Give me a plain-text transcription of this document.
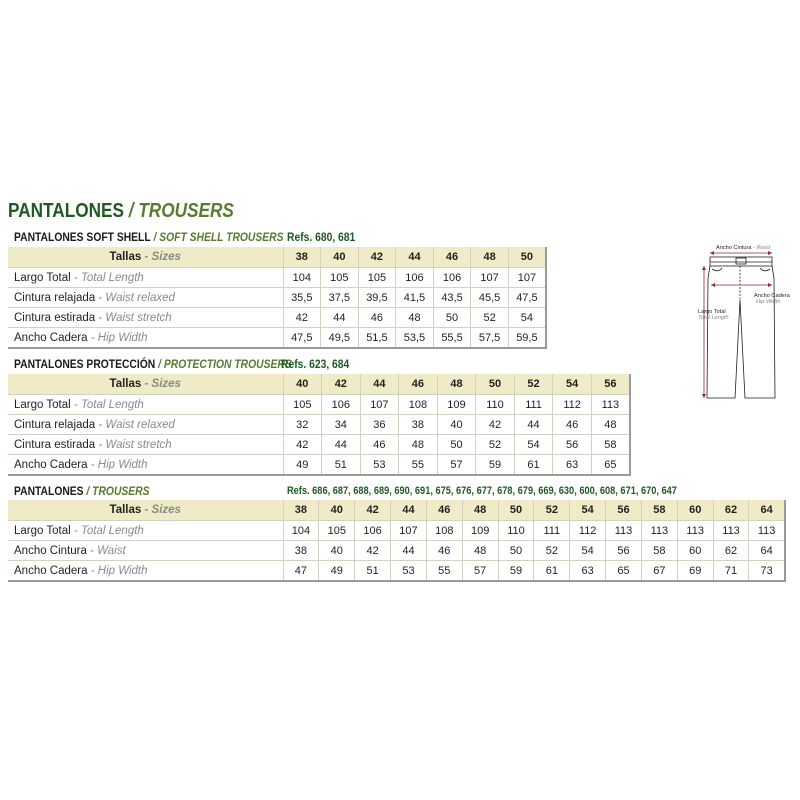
PANTALONES / TROUSERS
PANTALONES SOFT SHELL / SOFT SHELL TROUSERS Refs. 680, 681
Tallas - Sizes	38	40	42	44	46	48	50
Largo Total - Total Length	104	105	105	106	106	107	107
Cintura relajada - Waist relaxed	35,5	37,5	39,5	41,5	43,5	45,5	47,5
Cintura estirada - Waist stretch	42	44	46	48	50	52	54
Ancho Cadera - Hip Width	47,5	49,5	51,5	53,5	55,5	57,5	59,5
PANTALONES PROTECCIÓN / PROTECTION TROUSERS
Refs. 623, 684
Tallas - Sizes	40	42	44	46	48	50	52	54	56
Largo Total - Total Length	105	106	107	108	109	110	111	112	113
Cintura relajada - Waist relaxed	32	34	36	38	40	42	44	46	48
Cintura estirada - Waist stretch	42	44	46	48	50	52	54	56	58
Ancho Cadera - Hip Width	49	51	53	55	57	59	61	63	65
PANTALONES / TROUSERS	Refs. 686, 687, 688, 689, 690, 691, 675, 676, 677, 678, 679, 669, 630, 600, 608, 671, 670, 647
Tallas - Sizes	38	40	42	44	46	48	50	52	54	56	58	60	62	64
Largo Total - Total Length	104	105	106	107	108	109	110	111	112	113	113	113	113	113
Ancho Cintura - Waist	38	40	42	44	46	48	50	52	54	56	58	60	62	64
Ancho Cadera - Hip Width	47	49	51	53	55	57	59	61	63	65	67	69	71	73
Ancho Cintura - Waist
Ancho Cadera
Hip Width
Largo Total
Total Length
